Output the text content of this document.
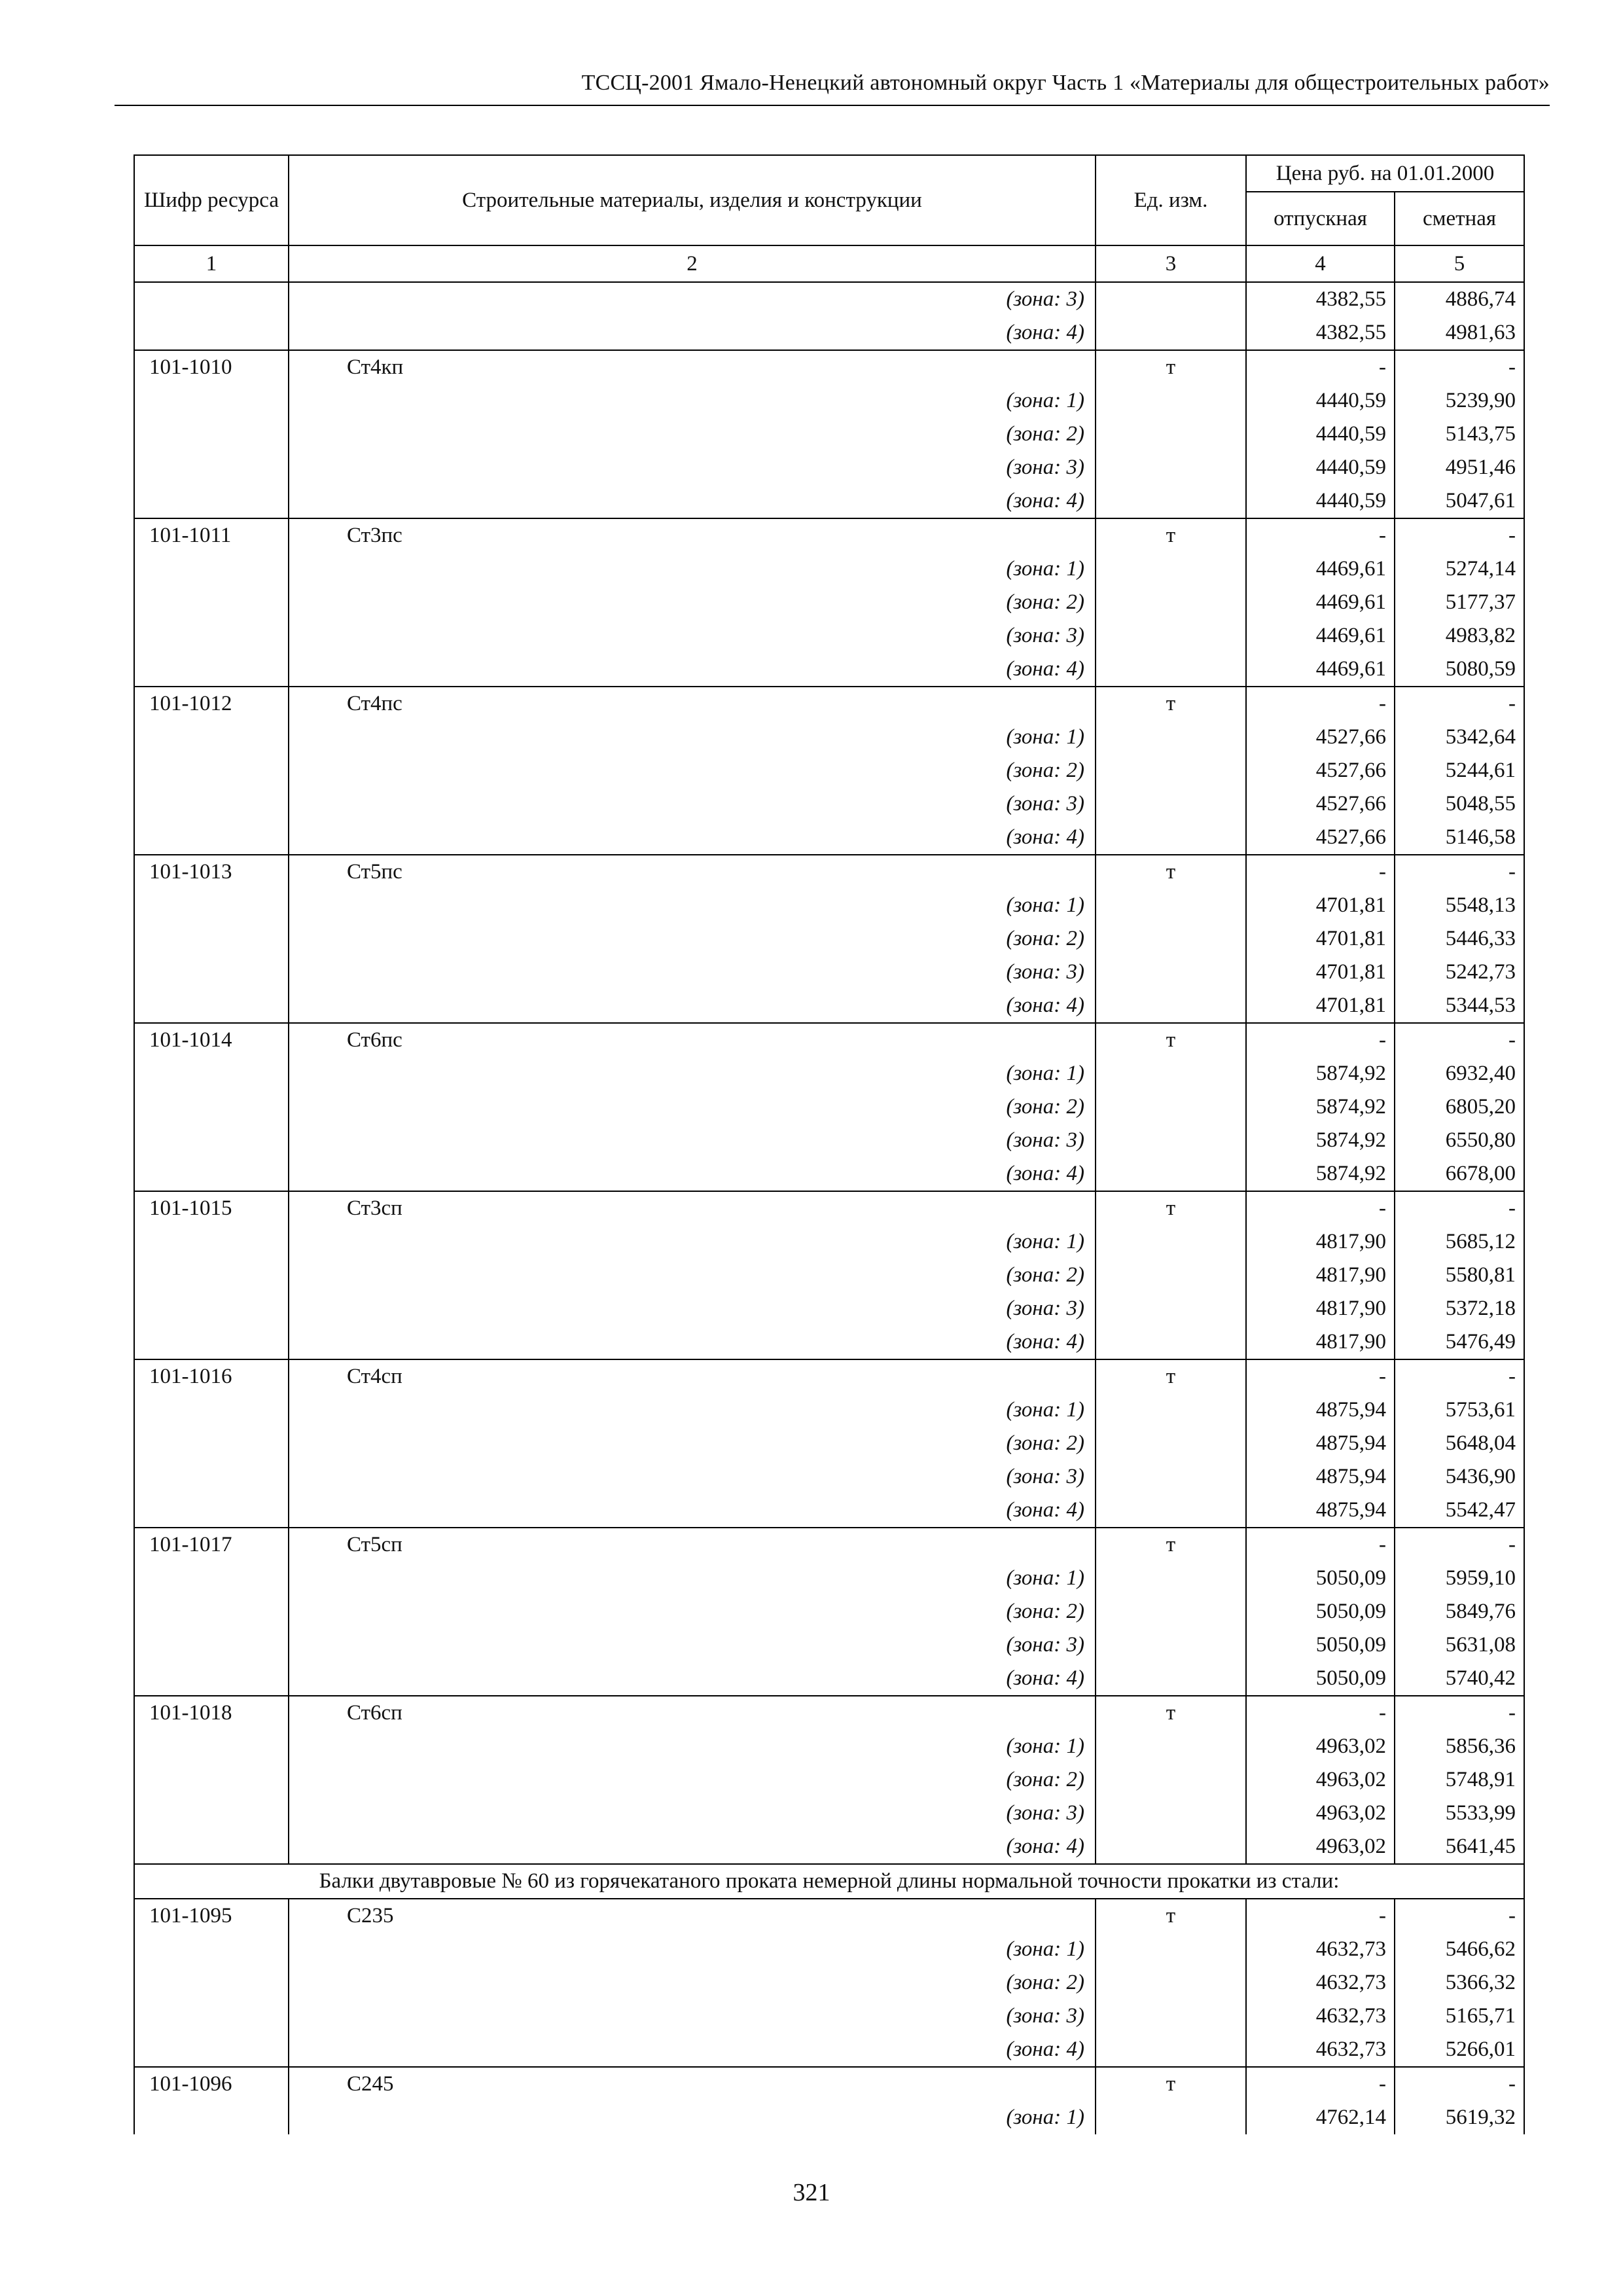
ТССЦ-2001 Ямало-Ненецкий автономный округ Часть 1 «Материалы для общестроительных работ»
Шифр ресурса	Строительные материалы, изделия и конструкции	Ед. изм.	Цена руб. на 01.01.2000	
			отпускная	сметная
1	2	3	4	5
	(зона: 3)		4382,55	4886,74
	(зона: 4)		4382,55	4981,63
101-1010	Ст4кп	т	-	-
	(зона: 1)		4440,59	5239,90
	(зона: 2)		4440,59	5143,75
	(зона: 3)		4440,59	4951,46
	(зона: 4)		4440,59	5047,61
101-1011	Ст3пс	т	-	-
	(зона: 1)		4469,61	5274,14
	(зона: 2)		4469,61	5177,37
	(зона: 3)		4469,61	4983,82
	(зона: 4)		4469,61	5080,59
101-1012	Ст4пс	т	-	-
	(зона: 1)		4527,66	5342,64
	(зона: 2)		4527,66	5244,61
	(зона: 3)		4527,66	5048,55
	(зона: 4)		4527,66	5146,58
101-1013	Ст5пс	т	-	-
	(зона: 1)		4701,81	5548,13
	(зона: 2)		4701,81	5446,33
	(зона: 3)		4701,81	5242,73
	(зона: 4)		4701,81	5344,53
101-1014	Ст6пс	т	-	-
	(зона: 1)		5874,92	6932,40
	(зона: 2)		5874,92	6805,20
	(зона: 3)		5874,92	6550,80
	(зона: 4)		5874,92	6678,00
101-1015	Ст3сп	т	-	-
	(зона: 1)		4817,90	5685,12
	(зона: 2)		4817,90	5580,81
	(зона: 3)		4817,90	5372,18
	(зона: 4)		4817,90	5476,49
101-1016	Ст4сп	т	-	-
	(зона: 1)		4875,94	5753,61
	(зона: 2)		4875,94	5648,04
	(зона: 3)		4875,94	5436,90
	(зона: 4)		4875,94	5542,47
101-1017	Ст5сп	т	-	-
	(зона: 1)		5050,09	5959,10
	(зона: 2)		5050,09	5849,76
	(зона: 3)		5050,09	5631,08
	(зона: 4)		5050,09	5740,42
101-1018	Ст6сп	т	-	-
	(зона: 1)		4963,02	5856,36
	(зона: 2)		4963,02	5748,91
	(зона: 3)		4963,02	5533,99
	(зона: 4)		4963,02	5641,45
Балки двутавровые № 60 из горячекатаного проката немерной длины нормальной точности прокатки из стали:				
101-1095	С235	т	-	-
	(зона: 1)		4632,73	5466,62
	(зона: 2)		4632,73	5366,32
	(зона: 3)		4632,73	5165,71
	(зона: 4)		4632,73	5266,01
101-1096	С245	т	-	-
	(зона: 1)		4762,14	5619,32
321
